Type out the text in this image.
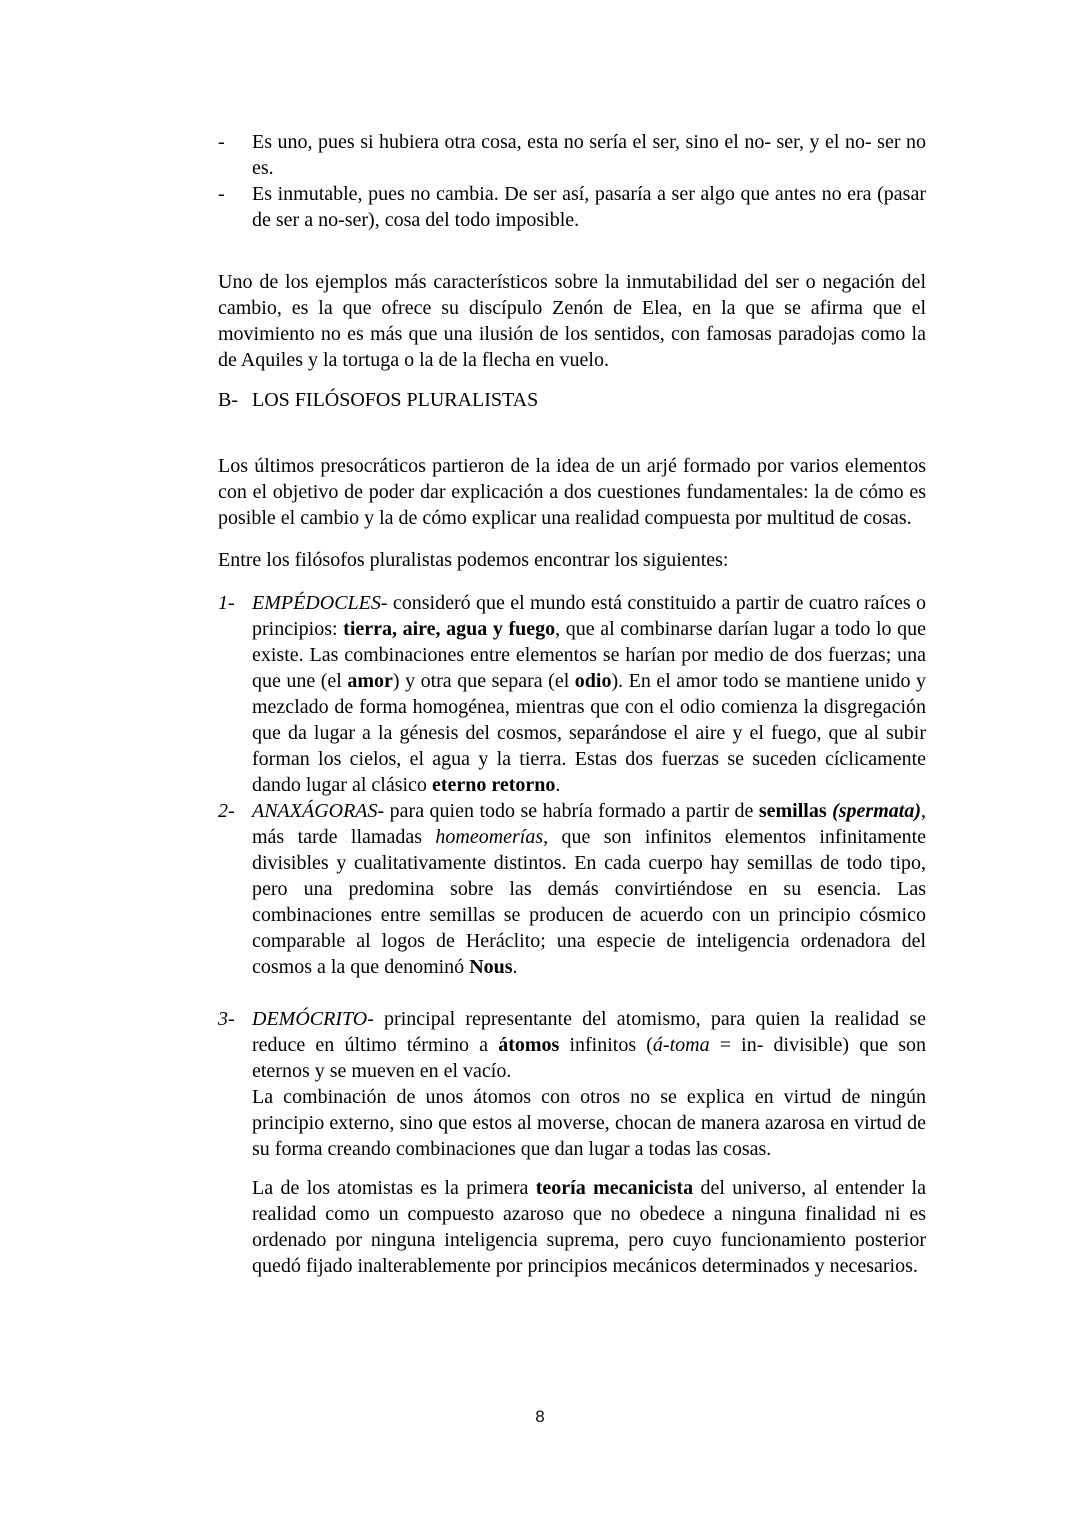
- Es uno, pues si hubiera otra cosa, esta no sería el ser, sino el no- ser, y el no- ser no es.

- Es inmutable, pues no cambia. De ser así, pasaría a ser algo que antes no era (pasar de ser a no-ser), cosa del todo imposible.

Uno de los ejemplos más característicos sobre la inmutabilidad del ser o negación del cambio, es la que ofrece su discípulo Zenón de Elea, en la que se afirma que el movimiento no es más que una ilusión de los sentidos, con famosas paradojas como la de Aquiles y la tortuga o la de la flecha en vuelo.

B- LOS FILÓSOFOS PLURALISTAS

Los últimos presocráticos partieron de la idea de un arjé formado por varios elementos con el objetivo de poder dar explicación a dos cuestiones fundamentales: la de cómo es posible el cambio y la de cómo explicar una realidad compuesta por multitud de cosas.

Entre los filósofos pluralistas podemos encontrar los siguientes:

1- EMPÉDOCLES- consideró que el mundo está constituido a partir de cuatro raíces o principios: tierra, aire, agua y fuego, que al combinarse darían lugar a todo lo que existe. Las combinaciones entre elementos se harían por medio de dos fuerzas; una que une (el amor) y otra que separa (el odio). En el amor todo se mantiene unido y mezclado de forma homogénea, mientras que con el odio comienza la disgregación que da lugar a la génesis del cosmos, separándose el aire y el fuego, que al subir forman los cielos, el agua y la tierra. Estas dos fuerzas se suceden cíclicamente dando lugar al clásico eterno retorno.

2- ANAXÁGORAS- para quien todo se habría formado a partir de semillas (spermata), más tarde llamadas homeomerías, que son infinitos elementos infinitamente divisibles y cualitativamente distintos. En cada cuerpo hay semillas de todo tipo, pero una predomina sobre las demás convirtiéndose en su esencia. Las combinaciones entre semillas se producen de acuerdo con un principio cósmico comparable al logos de Heráclito; una especie de inteligencia ordenadora del cosmos a la que denominó Nous.

3- DEMÓCRITO- principal representante del atomismo, para quien la realidad se reduce en último término a átomos infinitos (á-toma = in- divisible) que son eternos y se mueven en el vacío.

La combinación de unos átomos con otros no se explica en virtud de ningún principio externo, sino que estos al moverse, chocan de manera azarosa en virtud de su forma creando combinaciones que dan lugar a todas las cosas.

La de los atomistas es la primera teoría mecanicista del universo, al entender la realidad como un compuesto azaroso que no obedece a ninguna finalidad ni es ordenado por ninguna inteligencia suprema, pero cuyo funcionamiento posterior quedó fijado inalterablemente por principios mecánicos determinados y necesarios.

8
